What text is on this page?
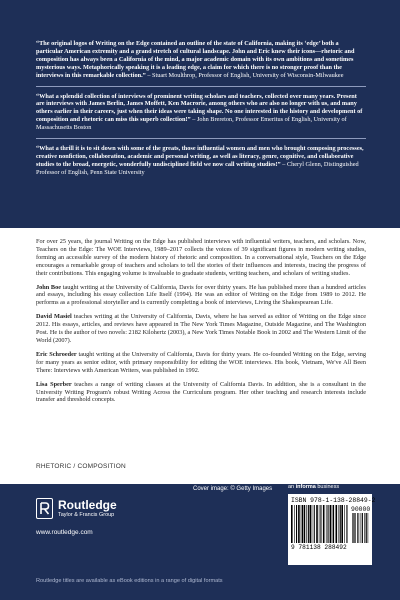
“The original logos of Writing on the Edge contained an outline of the state of California, making its ‘edge’ both a particular American extremity and a grand stretch of cultural landscape. John and Eric knew their icons—rhetoric and composition has always been a California of the mind, a major academic domain with its own ambitions and sometimes mysterious ways. Metaphorically speaking it is a leading edge, a claim for which there is no stronger proof than the interviews in this remarkable collection.” – Stuart Moulthrop, Professor of English, University of Wisconsin-Milwaukee

“What a splendid collection of interviews of prominent writing scholars and teachers, collected over many years. Present are interviews with James Berlin, James Moffett, Ken Macrorie, among others who are also no longer with us, and many others earlier in their careers, just when their ideas were taking shape. No one interested in the history and development of composition and rhetoric can miss this superb collection!” – John Brereton, Professor Emeritus of English, University of Massachusetts Boston

“What a thrill it is to sit down with some of the greats, those influential women and men who brought composing processes, creative nonfiction, collaboration, academic and personal writing, as well as literacy, genre, cognitive, and collaborative studies to the broad, energetic, wonderfully undisciplined field we now call writing studies!” – Cheryl Glenn, Distinguished Professor of English, Penn State University

For over 25 years, the journal Writing on the Edge has published interviews with influential writers, teachers, and scholars. Now, Teachers on the Edge: The WOE Interviews, 1989–2017 collects the voices of 39 significant figures in modern writing studies, forming an accessible survey of the modern history of rhetoric and composition. In a conversational style, Teachers on the Edge encourages a remarkable group of teachers and scholars to tell the stories of their influences and interests, tracing the progress of their contributions. This engaging volume is invaluable to graduate students, writing teachers, and scholars of writing studies.

John Boe taught writing at the University of California, Davis for over thirty years. He has published more than a hundred articles and essays, including his essay collection Life Itself (1994). He was an editor of Writing on the Edge from 1989 to 2012. He performs as a professional storyteller and is currently completing a book of interviews, Living the Shakespearean Life.

David Masiel teaches writing at the University of California, Davis, where he has served as editor of Writing on the Edge since 2012. His essays, articles, and reviews have appeared in The New York Times Magazine, Outside Magazine, and The Washington Post. He is the author of two novels: 2182 Kilohertz (2003), a New York Times Notable Book in 2002 and The Western Limit of the World (2007).

Eric Schroeder taught writing at the University of California, Davis for thirty years. He co-founded Writing on the Edge, serving for many years as senior editor, with primary responsibility for editing the WOE interviews. His book, Vietnam, We've All Been There: Interviews with American Writers, was published in 1992.

Lisa Sperber teaches a range of writing classes at the University of California Davis. In addition, she is a consultant in the University Writing Program's robust Writing Across the Curriculum program. Her other teaching and research interests include transfer and threshold concepts.

RHETORIC / COMPOSITION
Routledge
Taylor & Francis Group
www.routledge.com
Cover image: © Getty Images	an informa business
ISBN 978-1-138-28849-2
90000
9 781138 288492
Routledge titles are available as eBook editions in a range of digital formats
